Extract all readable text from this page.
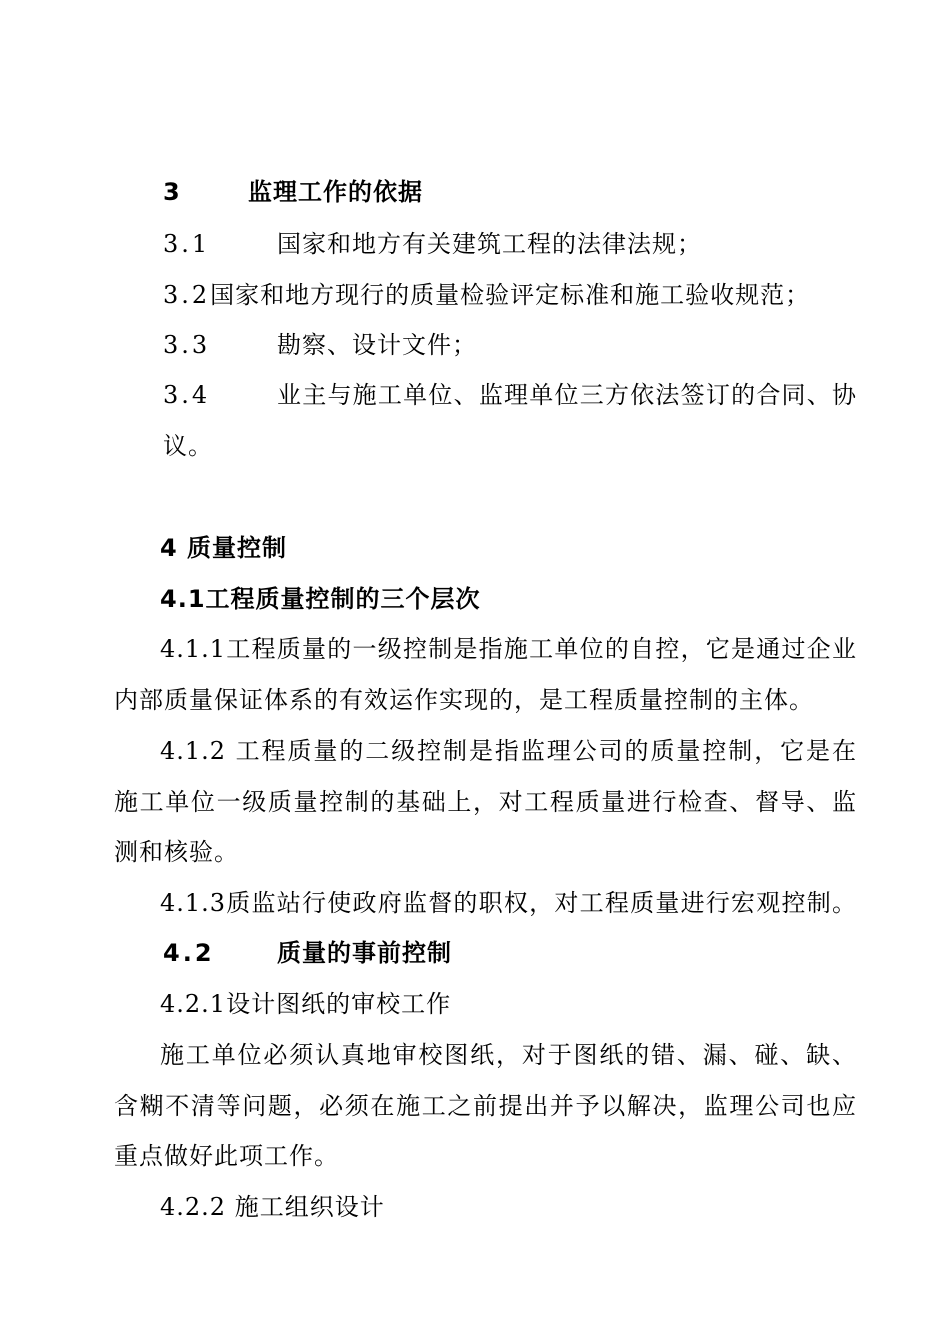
3	监理工作的依据
3.1	国家和地方有关建筑工程的法律法规；
3.2国家和地方现行的质量检验评定标准和施工验收规范；
3.3	勘察、设计文件；
3.4	业主与施工单位、监理单位三方依法签订的合同、协
议。
4 质量控制
4.1工程质量控制的三个层次
4.1.1工程质量的一级控制是指施工单位的自控，它是通过企业
内部质量保证体系的有效运作实现的，是工程质量控制的主体。
4.1.2 工程质量的二级控制是指监理公司的质量控制，它是在
施工单位一级质量控制的基础上，对工程质量进行检查、督导、监
测和核验。
4.1.3质监站行使政府监督的职权，对工程质量进行宏观控制。
4.2	质量的事前控制
4.2.1设计图纸的审校工作
施工单位必须认真地审校图纸，对于图纸的错、漏、碰、缺、
含糊不清等问题，必须在施工之前提出并予以解决，监理公司也应
重点做好此项工作。
4.2.2 施工组织设计
